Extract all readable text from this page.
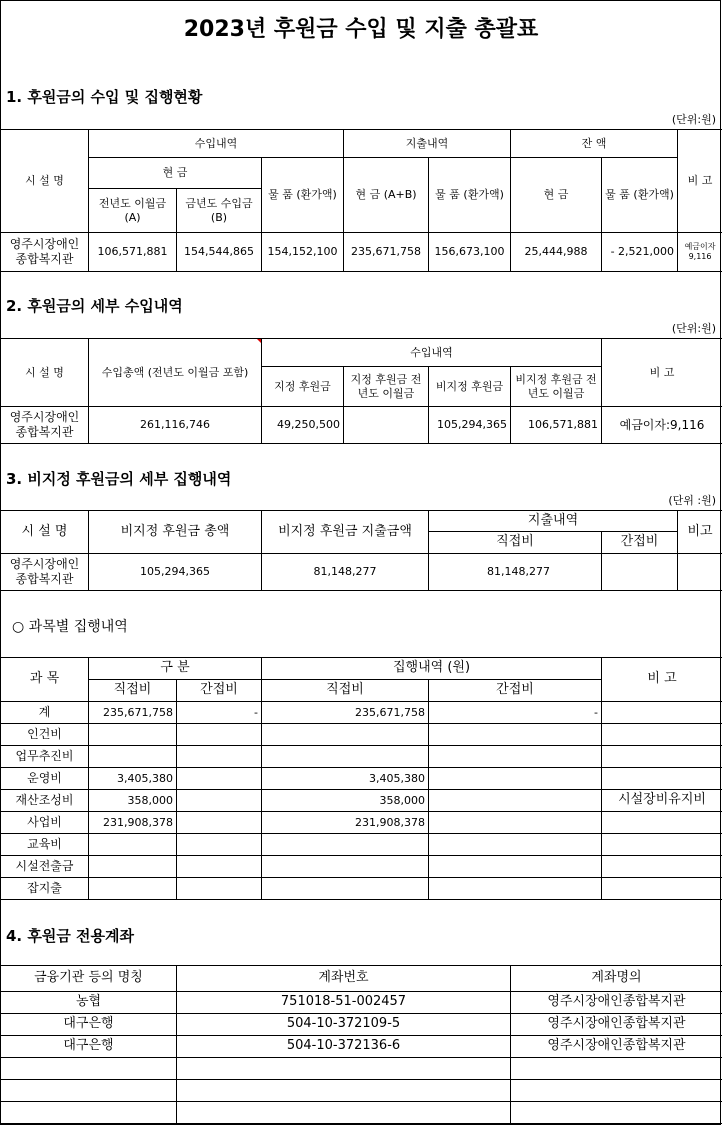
2023년 후원금 수입 및 지출 총괄표
1. 후원금의 수입 및 집행현황
(단위:원)
시 설 명	수입내역			지출내역		잔 액		비 고
	현 금		물 품 (환가액)	현 금 (A+B)	물 품 (환가액)	현 금	물 품 (환가액)	
	전년도 이월금 (A)	금년도 수입금 (B)						
영주시장애인 종합복지관	106,571,881	154,544,865	154,152,100	235,671,758	156,673,100	25,444,988	- 2,521,000	예금이자 9,116
2. 후원금의 세부 수입내역
(단위:원)
시 설 명	수입총액 (전년도 이월금 포함)	수입내역				비 고
		지정 후원금	지정 후원금 전년도 이월금	비지정 후원금	비지정 후원금 전년도 이월금	
영주시장애인 종합복지관	261,116,746	49,250,500		105,294,365	106,571,881	예금이자:9,116
3. 비지정 후원금의 세부 집행내역
(단위 :원)
시 설 명	비지정 후원금 총액	비지정 후원금 지출금액	지출내역		비고
			직접비	간접비	
영주시장애인 종합복지관	105,294,365	81,148,277	81,148,277		
○ 과목별 집행내역
과 목	구 분		집행내역 (원)		비 고
	직접비	간접비	직접비	간접비	
계	235,671,758	-	235,671,758	-	
인건비					
업무추진비					
운영비	3,405,380		3,405,380		
재산조성비	358,000		358,000		시설장비유지비
사업비	231,908,378		231,908,378		
교육비					
시설전출금					
잡지출					
4. 후원금 전용계좌
금융기관 등의 명칭	계좌번호	계좌명의
농협	751018-51-002457	영주시장애인종합복지관
대구은행	504-10-372109-5	영주시장애인종합복지관
대구은행	504-10-372136-6	영주시장애인종합복지관
